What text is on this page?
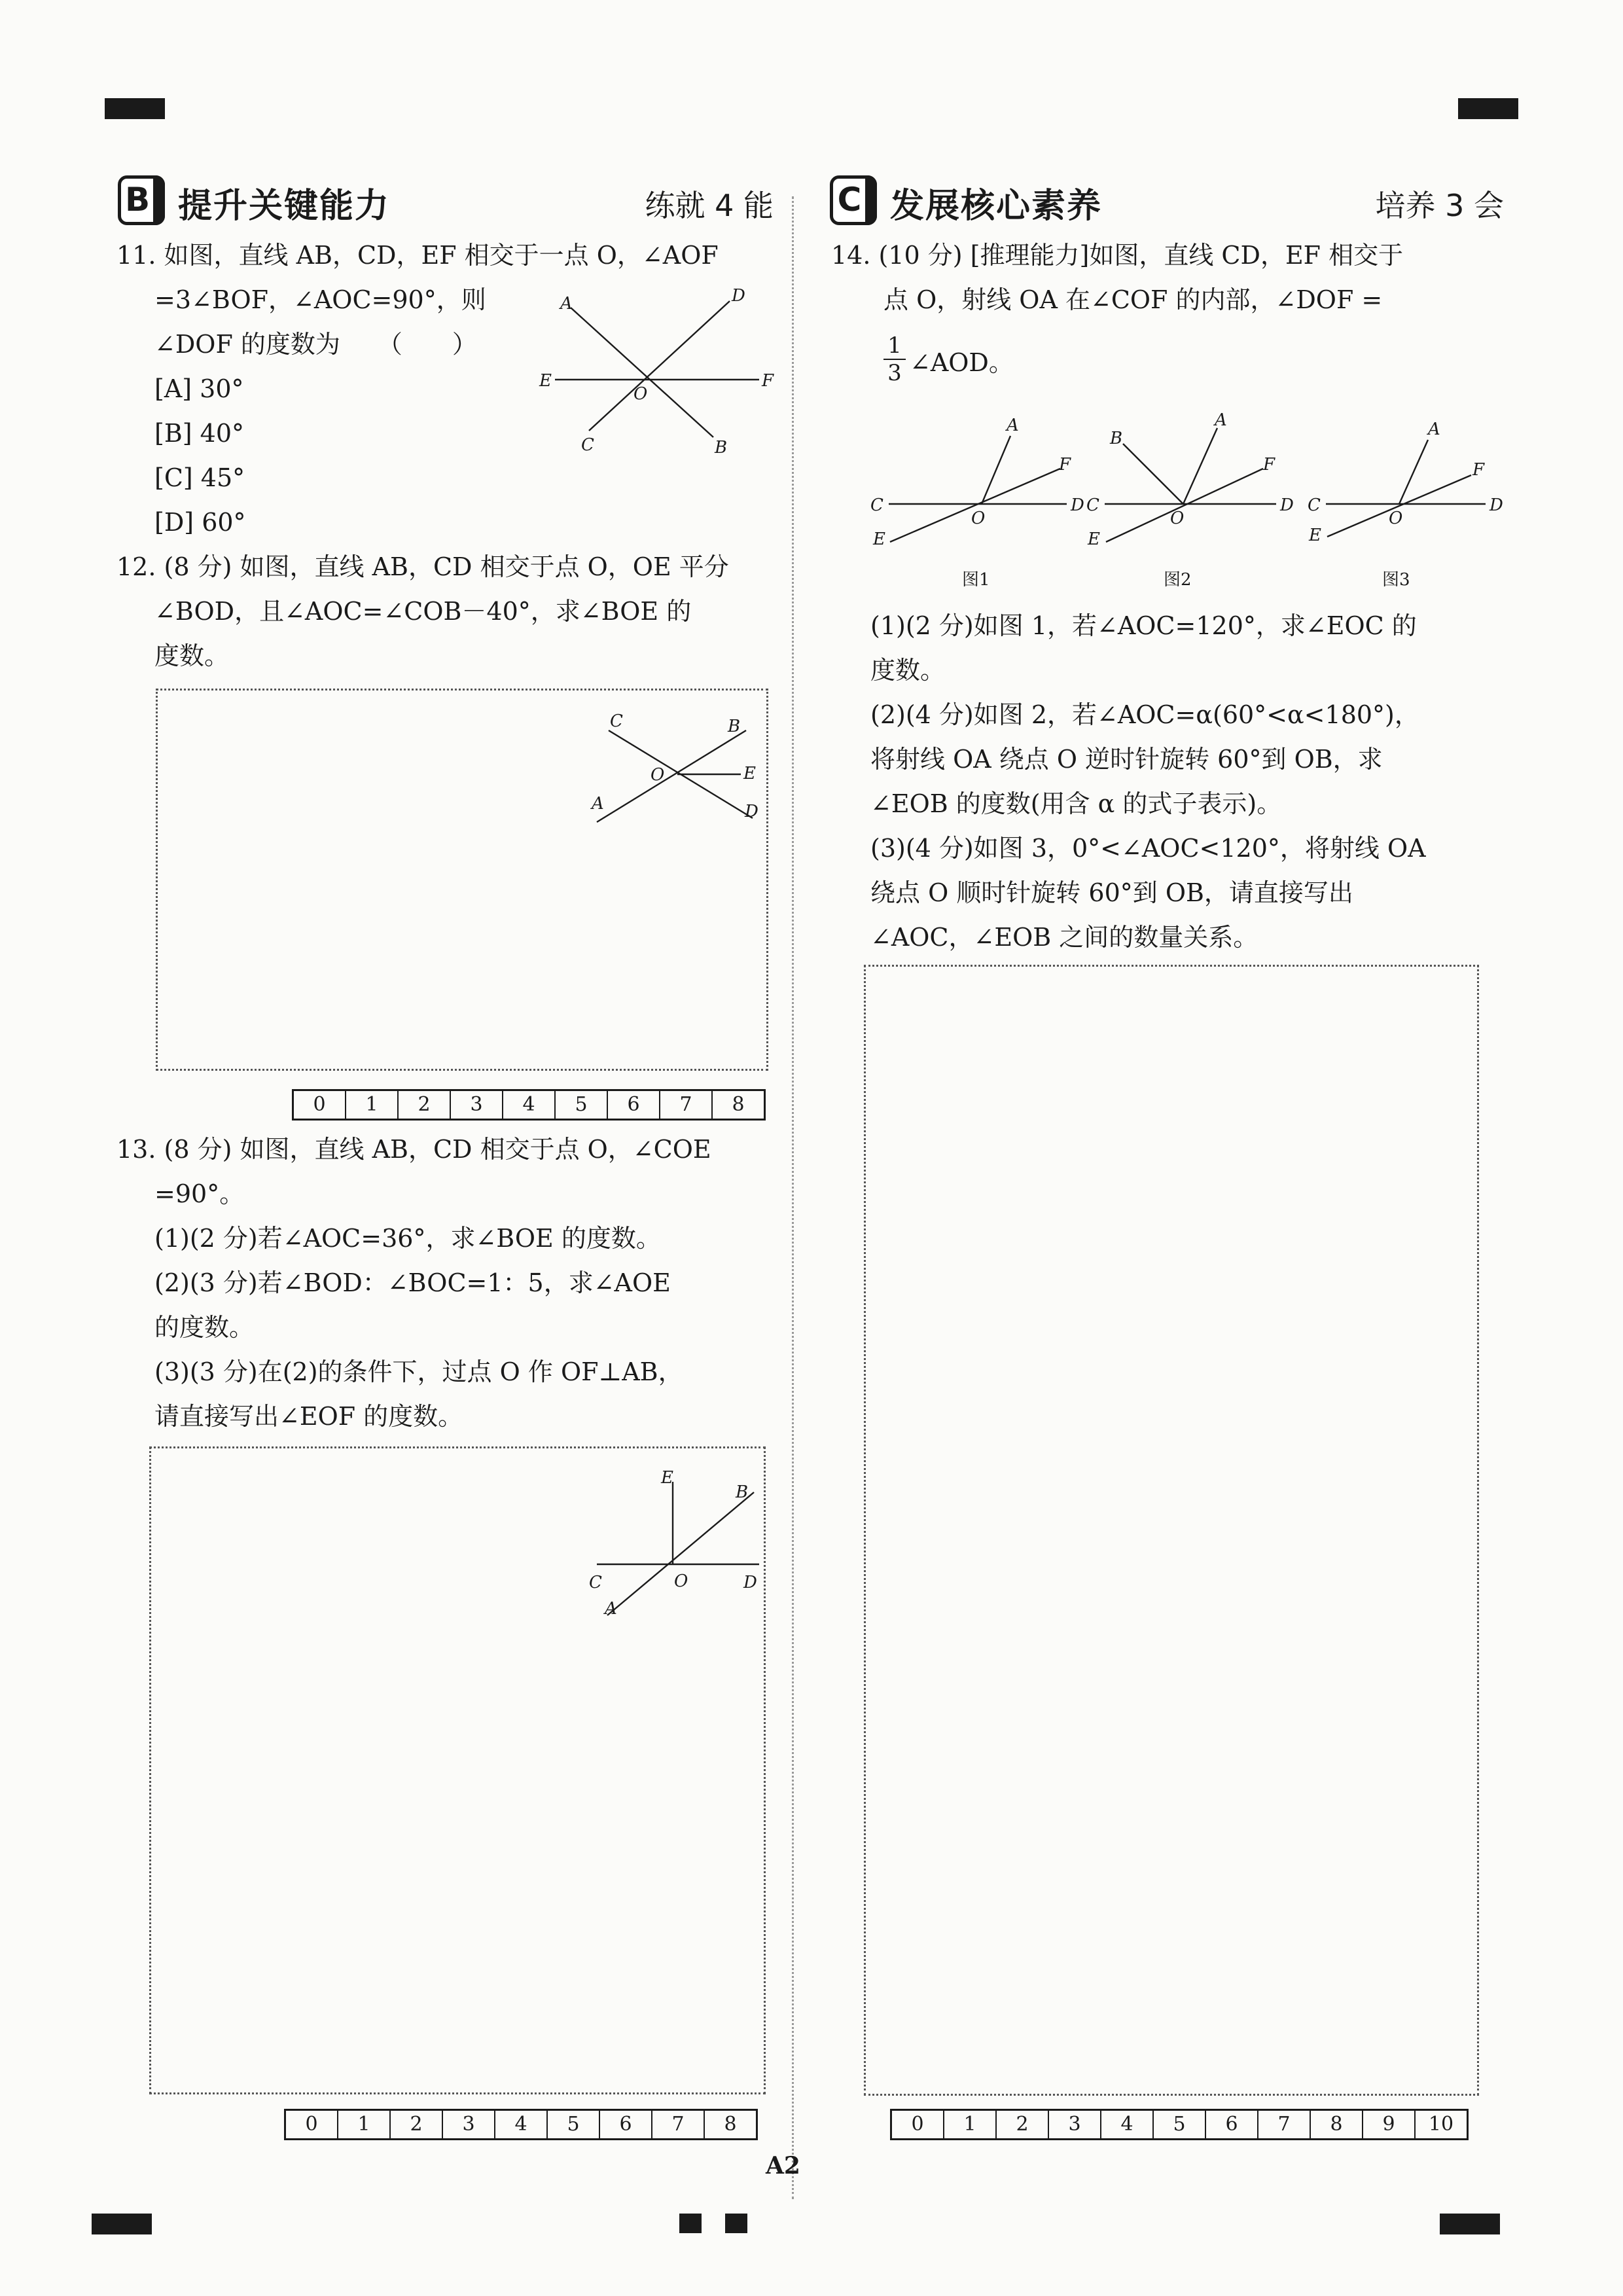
B 提升关键能力	练就 4 能
11. 如图，直线 AB，CD，EF 相交于一点 O，∠AOF
=3∠BOF，∠AOC=90°，则
∠DOF 的度数为　　（　　）
[A] 30°
[B] 40°
[C] 45°
[D] 60°
A	D
E	F
O
C	B
12. (8 分) 如图，直线 AB，CD 相交于点 O，OE 平分
∠BOD，且∠AOC=∠COB－40°，求∠BOE 的
度数。
C	B
O	E
A	D
0	1	2	3	4	5	6	7	8
13. (8 分) 如图，直线 AB，CD 相交于点 O，∠COE
=90°。
(1)(2 分)若∠AOC=36°，求∠BOE 的度数。
(2)(3 分)若∠BOD：∠BOC=1：5，求∠AOE
的度数。
(3)(3 分)在(2)的条件下，过点 O 作 OF⊥AB，
请直接写出∠EOF 的度数。
E
B
C	O	D
A
0	1	2	3	4	5	6	7	8
C 发展核心素养	培养 3 会
14. (10 分) [推理能力]如图，直线 CD，EF 相交于
点 O，射线 OA 在∠COF 的内部，∠DOF =
$\frac{1}{3}$ ∠AOD。
C	D
E
F
A
O
图1
C	D
E
F
A
B
O
图2
C	D
E
F
A
O
图3
(1)(2 分)如图 1，若∠AOC=120°，求∠EOC 的
度数。
(2)(4 分)如图 2，若∠AOC=α(60°<α<180°)，
将射线 OA 绕点 O 逆时针旋转 60°到 OB，求
∠EOB 的度数(用含 α 的式子表示)。
(3)(4 分)如图 3，0°<∠AOC<120°，将射线 OA
绕点 O 顺时针旋转 60°到 OB，请直接写出
∠AOC，∠EOB 之间的数量关系。
0	1	2	3	4	5	6	7	8	9	10
A2
